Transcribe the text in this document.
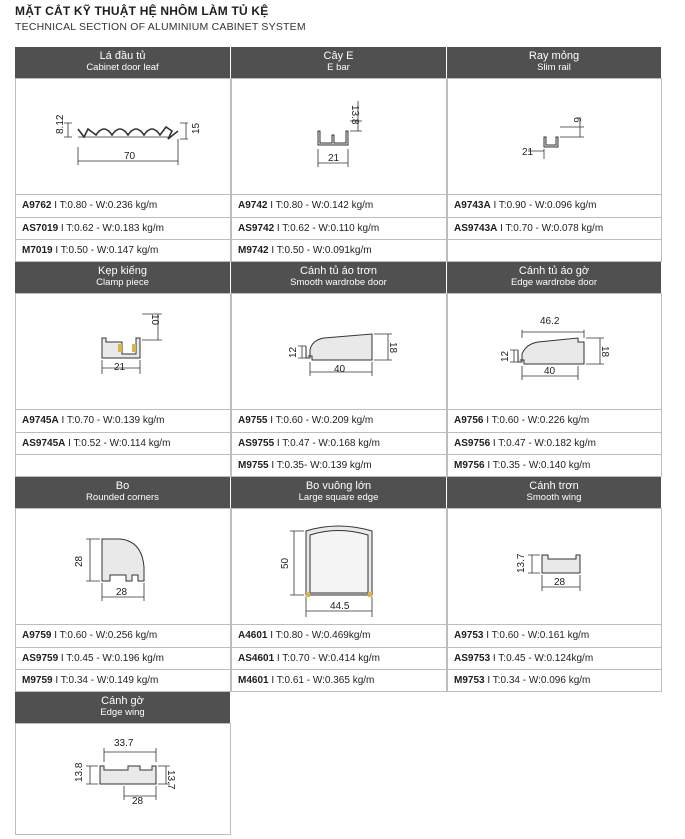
MẶT CẮT KỸ THUẬT HỆ NHÔM LÀM TỦ KỆ
TECHNICAL SECTION OF ALUMINIUM CABINET SYSTEM
Lá đầu tủ
Cabinet door leaf
8.12	15
70
A9762 I T:0.80 - W:0.236 kg/m
AS7019 I T:0.62 - W:0.183 kg/m
M7019 I T:0.50 - W:0.147 kg/m
Cây E
E bar
21
13.8
A9742 I T:0.80 - W:0.142 kg/m
AS9742 I T:0.62 - W:0.110 kg/m
M9742 I T:0.50 - W:0.091kg/m
Ray mỏng
Slim rail
21
6
A9743A I T:0.90 - W:0.096 kg/m
AS9743A I T:0.70 - W:0.078 kg/m
Kẹp kiếng
Clamp piece
21
10
A9745A I T:0.70 - W:0.139 kg/m
AS9745A I T:0.52 - W:0.114 kg/m
Cánh tủ áo trơn
Smooth wardrobe door
40
12	18
A9755 I T:0.60 - W:0.209 kg/m
AS9755 I T:0.47 - W:0.168 kg/m
M9755 I T:0.35- W:0.139 kg/m
Cánh tủ áo gờ
Edge wardrobe door
46.2
40
12	18
A9756 I T:0.60 - W:0.226 kg/m
AS9756 I T:0.47 - W:0.182 kg/m
M9756 I T:0.35 - W:0.140 kg/m
Bo
Rounded corners
28
28
A9759 I T:0.60 - W:0.256 kg/m
AS9759 I T:0.45 - W:0.196 kg/m
M9759 I T:0.34 - W:0.149 kg/m
Bo vuông lớn
Large square edge
44.5
50
A4601 I T:0.80 - W:0.469kg/m
AS4601 I T:0.70 - W:0.414 kg/m
M4601 I T:0.61 - W:0.365 kg/m
Cánh trơn
Smooth wing
28
13.7
A9753 I T:0.60 - W:0.161 kg/m
AS9753 I T:0.45 - W:0.124kg/m
M9753 I T:0.34 - W:0.096 kg/m
Cánh gờ
Edge wing
33.7
28
13.8	13.7
